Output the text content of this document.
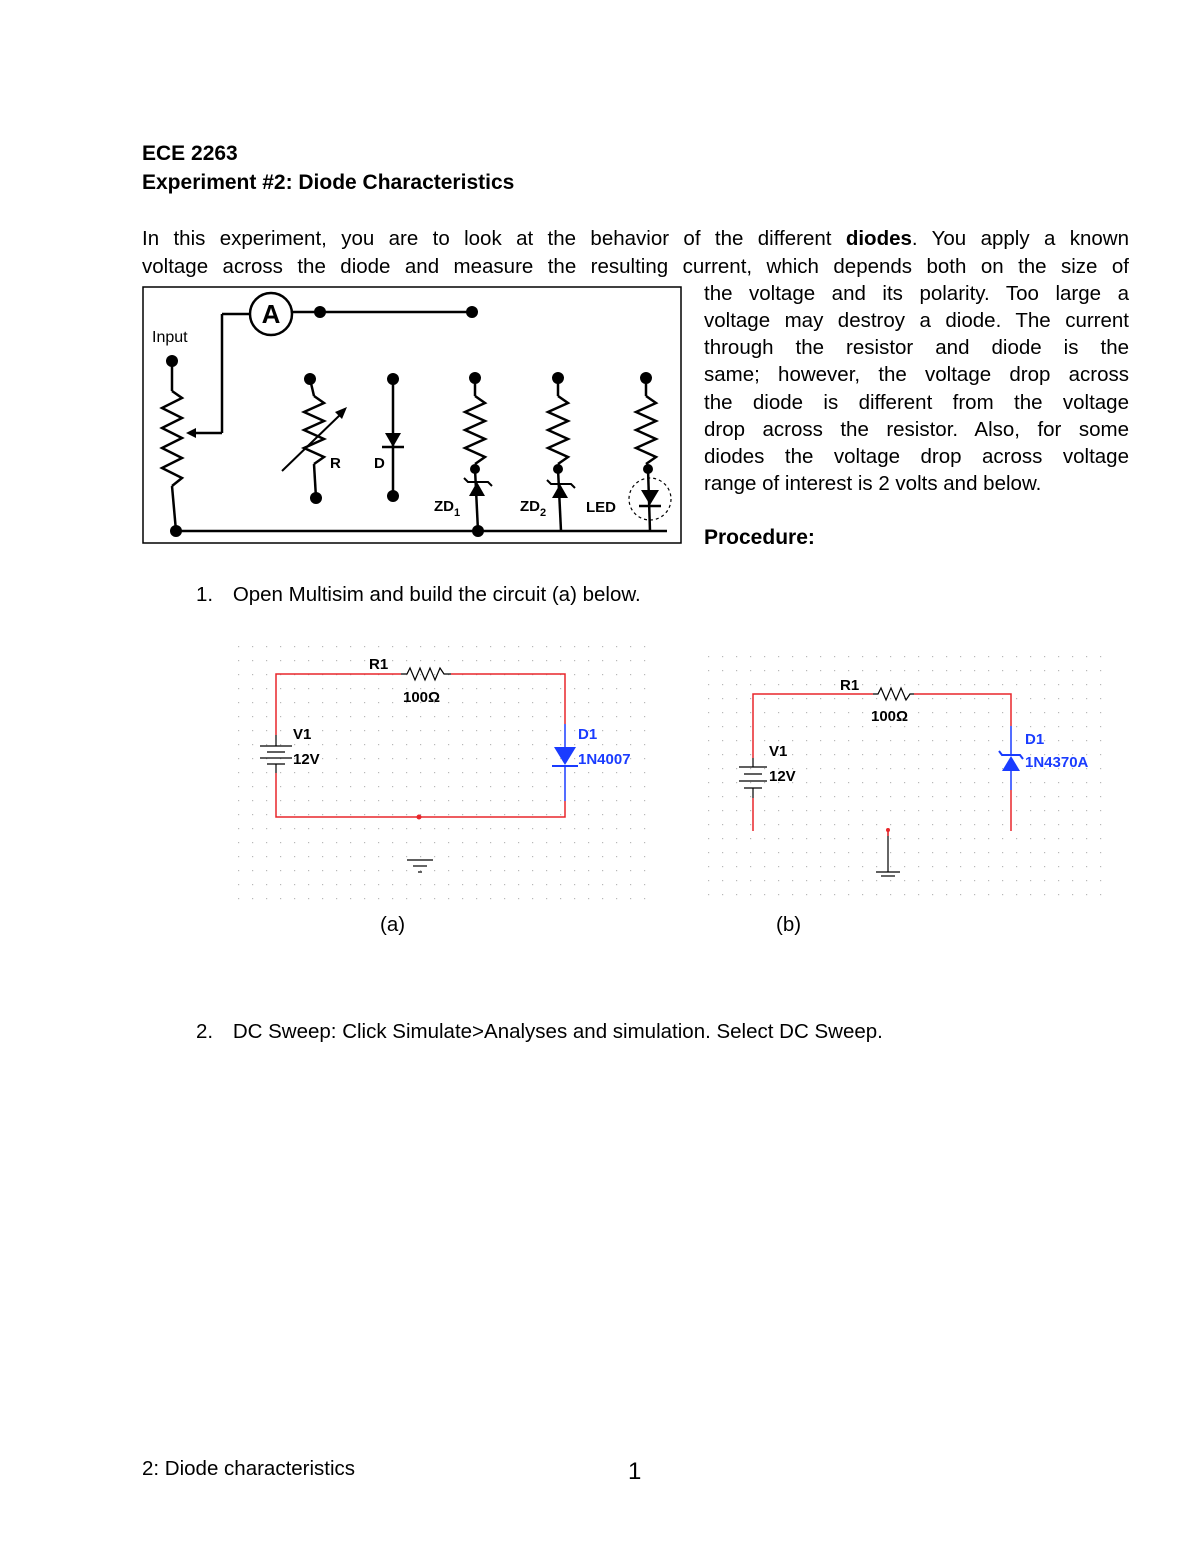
ECE 2263
Experiment #2: Diode Characteristics
In this experiment, you are to look at the behavior of the different diodes. You apply a known
voltage across the diode and measure the resulting current, which depends both on the size of
the voltage and its polarity. Too large a
voltage may destroy a diode. The current
through the resistor and diode is the
same; however, the voltage drop across
the diode is different from the voltage
drop across the resistor. Also, for some
diodes the voltage drop across voltage
range of interest is 2 volts and below.
Procedure:
Input
A
R D
$ZD_1$	$ZD_2$	LED
1. Open Multisim and build the circuit (a) below.
R1
100Ω
V1
12V
D1
1N4007
(a)
R1
100Ω
V1
12V
D1
1N4370A
(b)
2. DC Sweep: Click Simulate>Analyses and simulation. Select DC Sweep.
2: Diode characteristics	1
